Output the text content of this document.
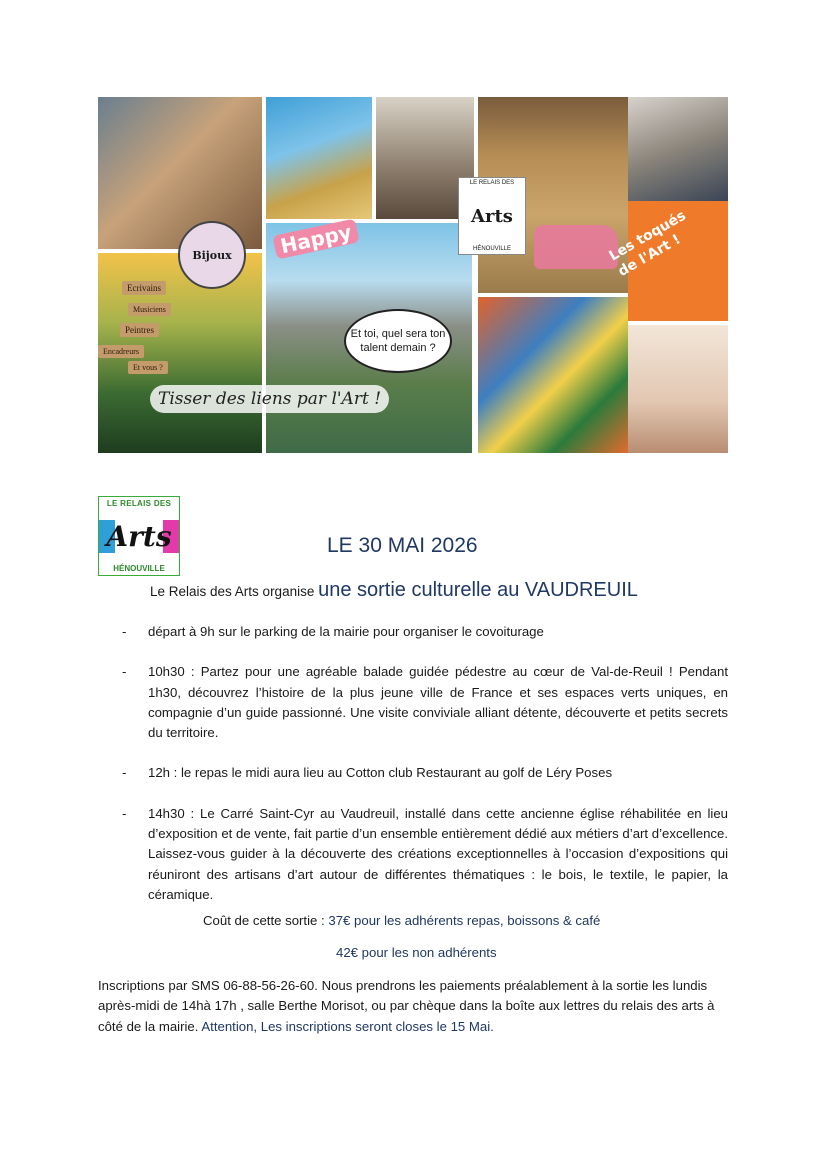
Ecrivains
Musiciens
Peintres
Encadreurs
Et vous ?
Bijoux Happy
Et toi, quel sera ton talent demain ?
Tisser des liens par l'Art !
Les toqués de l'Art !
LE RELAIS DES
Arts
HÉNOUVILLE
LE RELAIS DES
Arts
HÉNOUVILLE
LE 30 MAI 2026
Le Relais des Arts organise une sortie culturelle au VAUDREUIL
- départ à 9h sur le parking de la mairie pour organiser le covoiturage
- 10h30 : Partez pour une agréable balade guidée pédestre au cœur de Val-de-Reuil ! Pendant 1h30, découvrez l’histoire de la plus jeune ville de France et ses espaces verts uniques, en compagnie d’un guide passionné. Une visite conviviale alliant détente, découverte et petits secrets du territoire.
- 12h : le repas le midi aura lieu au Cotton club Restaurant au golf de Léry Poses
- 14h30 : Le Carré Saint-Cyr au Vaudreuil, installé dans cette ancienne église réhabilitée en lieu d’exposition et de vente, fait partie d’un ensemble entièrement dédié aux métiers d’art d’excellence. Laissez-vous guider à la découverte des créations exceptionnelles à l’occasion d’expositions qui réuniront des artisans d’art autour de différentes thématiques : le bois, le textile, le papier, la céramique.
Coût de cette sortie : 37€ pour les adhérents repas, boissons & café
42€ pour les non adhérents
Inscriptions par SMS 06-88-56-26-60. Nous prendrons les paiements préalablement à la sortie les lundis après-midi de 14hà 17h , salle Berthe Morisot, ou par chèque dans la boîte aux lettres du relais des arts à côté de la mairie. Attention, Les inscriptions seront closes le 15 Mai.
